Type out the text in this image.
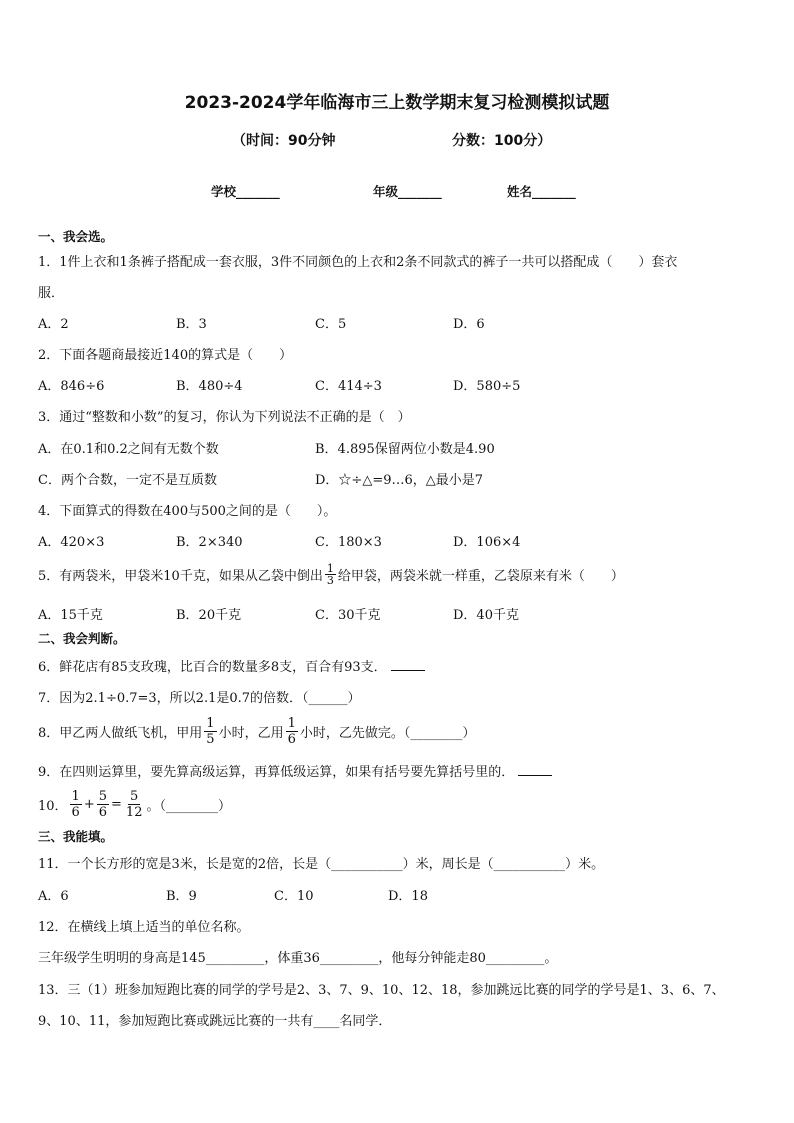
2023-2024学年临海市三上数学期末复习检测模拟试题
（时间：90分钟	分数：100分）
学校_______	年级_______	姓名_______
一、我会选。
1．1件上衣和1条裤子搭配成一套衣服，3件不同颜色的上衣和2条不同款式的裤子一共可以搭配成（　　）套衣
服．
A．2	B．3	C．5	D．6
2．下面各题商最接近140的算式是（　　）
A．846÷6	B．480÷4	C．414÷3	D．580÷5
3．通过“整数和小数”的复习，你认为下列说法不正确的是（　）
A．在0.1和0.2之间有无数个数	B．4.895保留两位小数是4.90
C．两个合数，一定不是互质数	D．☆÷△=9…6，△最小是7
4．下面算式的得数在400与500之间的是（　　）。
A．420×3	B．2×340	C．180×3	D．106×4
5．有两袋米，甲袋米10千克，如果从乙袋中倒出 $\frac{1}{3}$ 给甲袋，两袋米就一样重，乙袋原来有米（　　）
A．15千克	B．20千克	C．30千克	D．40千克
二、我会判断。
6．鲜花店有85支玫瑰，比百合的数量多8支，百合有93支．
7．因为2.1÷0.7=3，所以2.1是0.7的倍数．（______）
8．甲乙两人做纸飞机，甲用 $\frac{1}{5}$ 小时，乙用 $\frac{1}{6}$ 小时，乙先做完。（________）
9．在四则运算里，要先算高级运算，再算低级运算，如果有括号要先算括号里的．
10． $\frac{1}{6} + \frac{5}{6} = \frac{5}{12}$ 。（________）
三、我能填。
11．一个长方形的宽是3米，长是宽的2倍，长是（___________）米，周长是（___________）米。
A．6	B．9	C．10	D．18
12．在横线上填上适当的单位名称。
三年级学生明明的身高是145_________，体重36_________，他每分钟能走80_________。
13．三（1）班参加短跑比赛的同学的学号是2、3、7、9、10、12、18，参加跳远比赛的同学的学号是1、3、6、7、
9、10、11，参加短跑比赛或跳远比赛的一共有____名同学．
